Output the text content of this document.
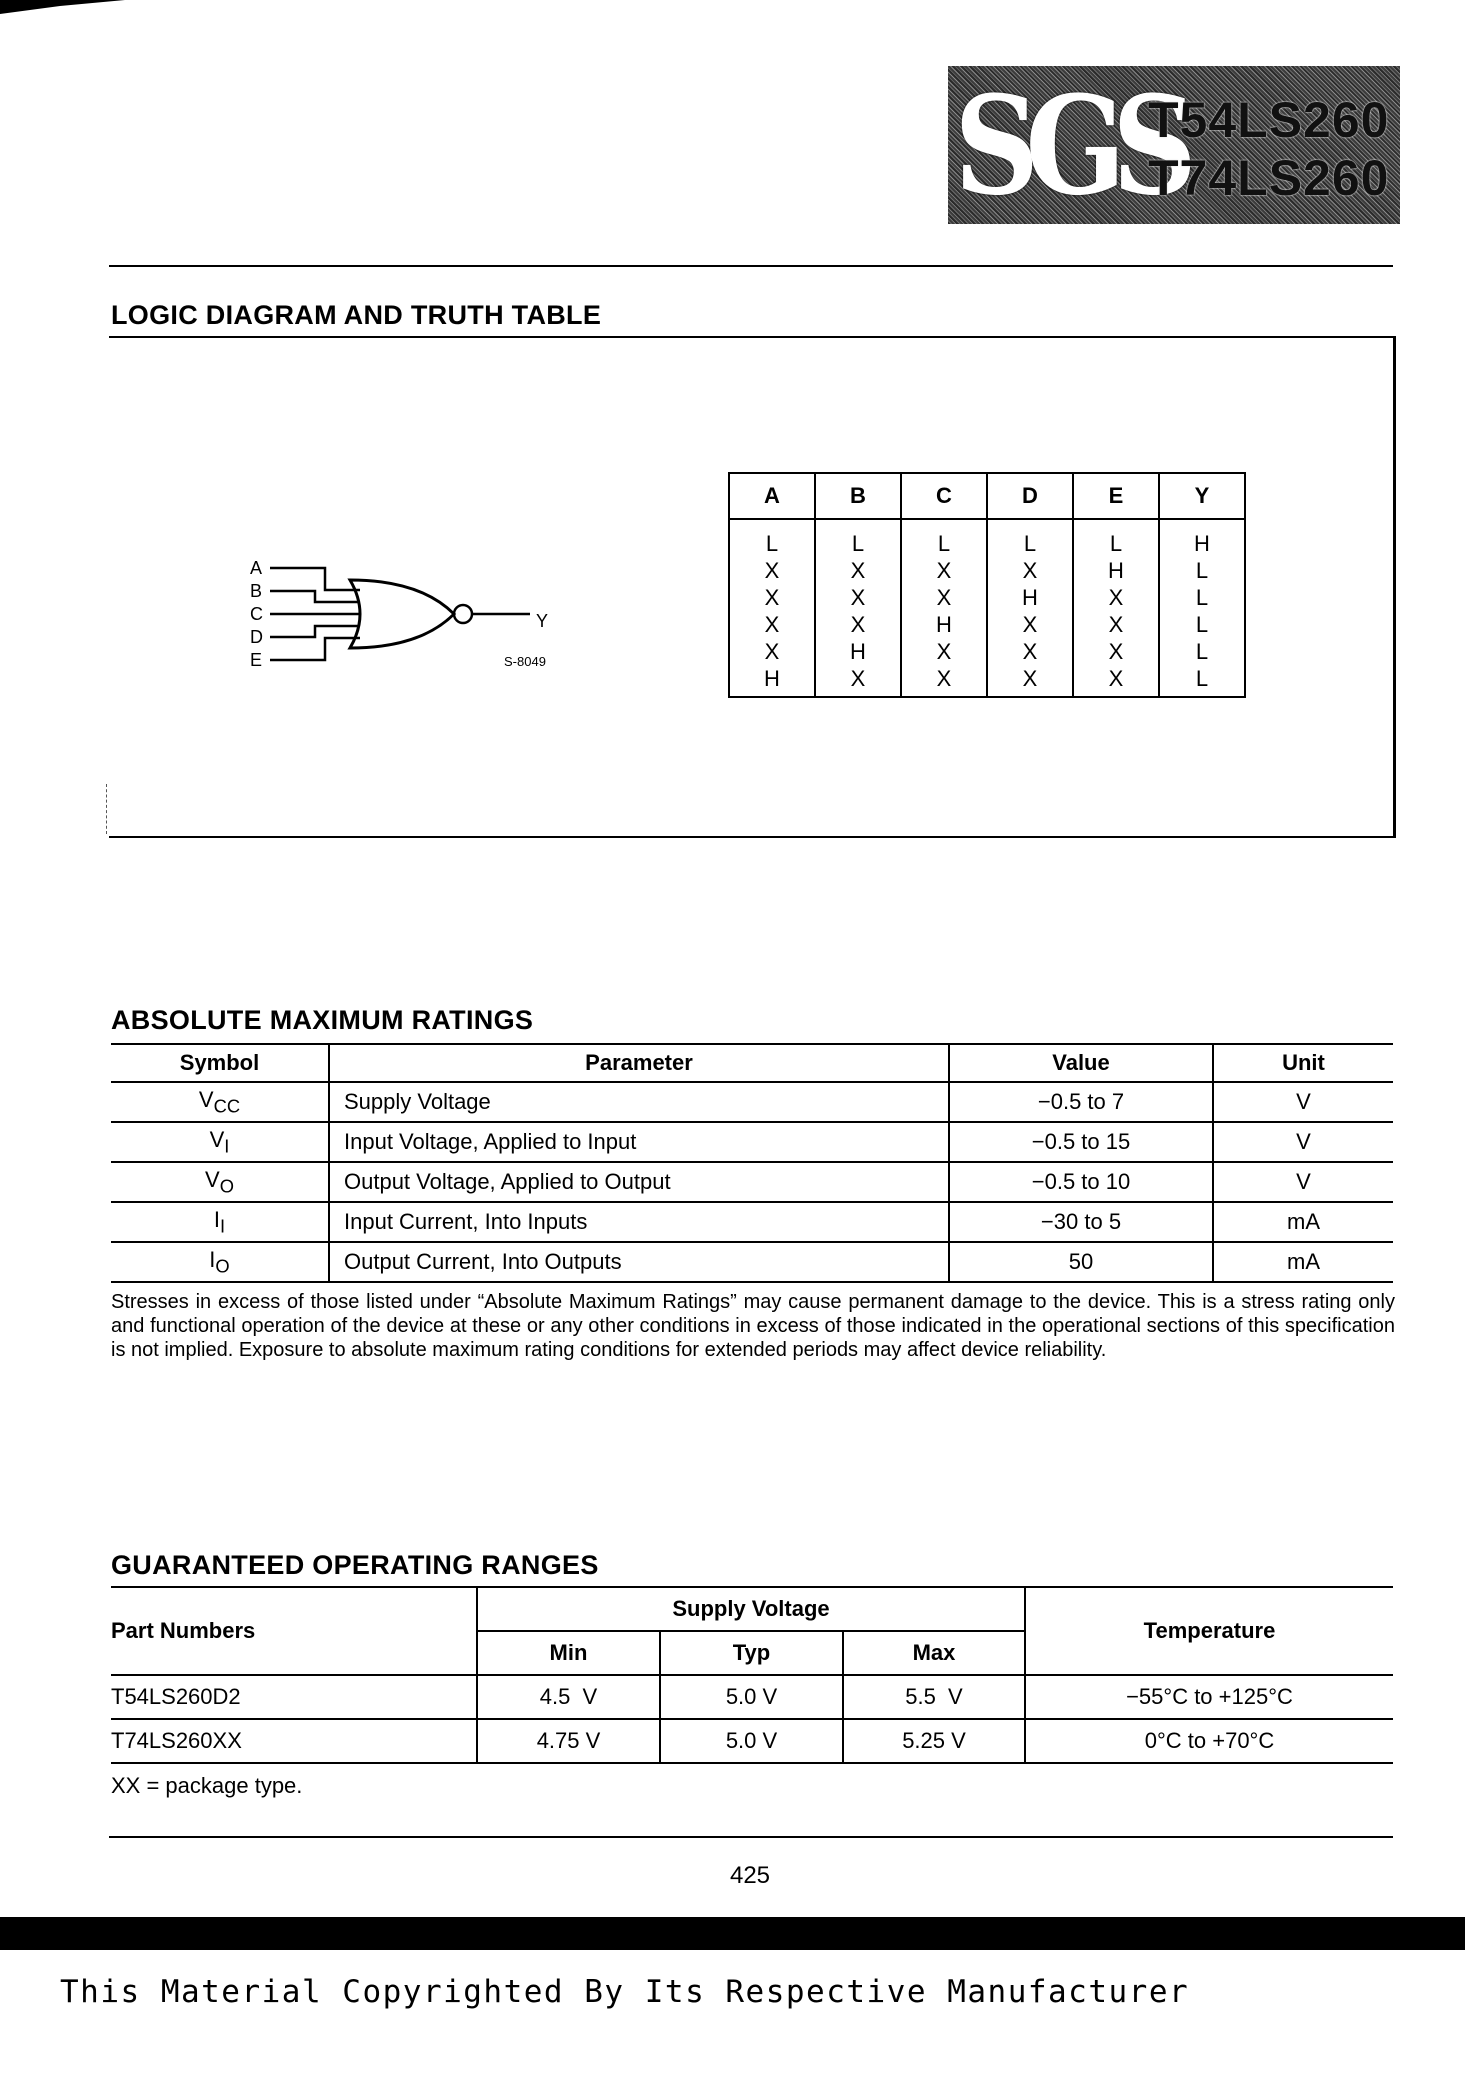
SGS
T54LS260
T74LS260
LOGIC DIAGRAM AND TRUTH TABLE
A
B
C
D
E
Y
S-8049
A	B	C	D	E	Y
L	L	L	L	L	H
X	X	X	X	H	L
X	X	X	H	X	L
X	X	H	X	X	L
X	H	X	X	X	L
H	X	X	X	X	L
ABSOLUTE MAXIMUM RATINGS
Symbol	Parameter	Value	Unit
$V_{CC}$	Supply Voltage	−0.5 to 7	V
$V_I$	Input Voltage, Applied to Input	−0.5 to 15	V
$V_O$	Output Voltage, Applied to Output	−0.5 to 10	V
$I_I$	Input Current, Into Inputs	−30 to 5	mA
$I_O$	Output Current, Into Outputs	50	mA
Stresses in excess of those listed under “Absolute Maximum Ratings” may cause permanent damage to the device. This is a stress rating only and functional operation of the device at these or any other conditions in excess of those indicated in the operational sections of this specification is not implied. Exposure to absolute maximum rating conditions for extended periods may affect device reliability.
GUARANTEED OPERATING RANGES
Part Numbers	Supply Voltage			Temperature
	Min	Typ	Max	
T54LS260D2	4.5  V	5.0 V	5.5  V	−55°C to +125°C
T74LS260XX	4.75 V	5.0 V	5.25 V	0°C to +70°C
XX = package type.
425
This Material Copyrighted By Its Respective Manufacturer
